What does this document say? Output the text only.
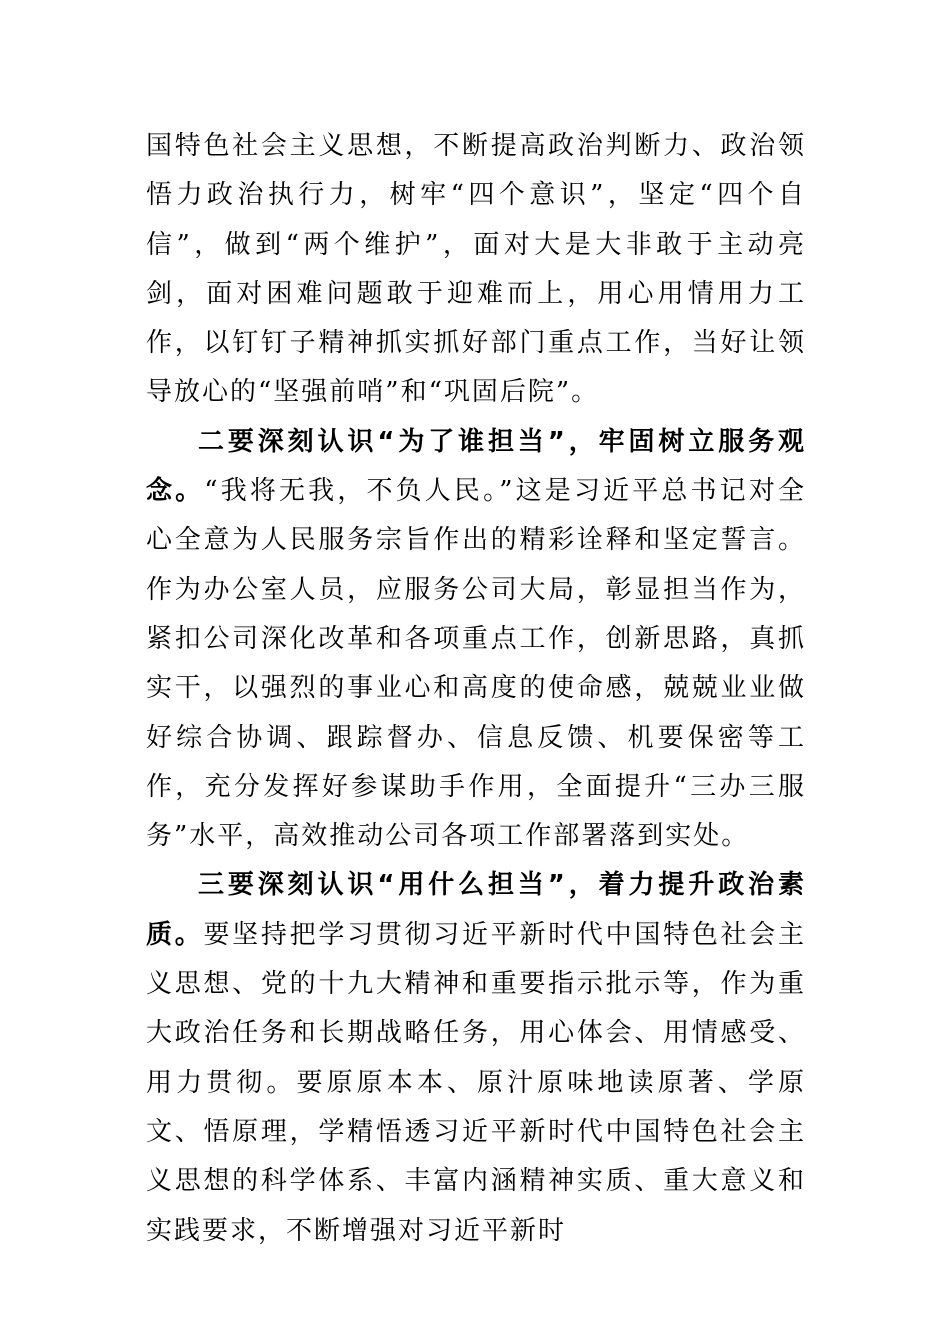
国特色社会主义思想，不断提高政治判断力、政治领悟力政治执行力，树牢“四个意识”，坚定“四个自信”，做到“两个维护”，面对大是大非敢于主动亮剑，面对困难问题敢于迎难而上，用心用情用力工作，以钉钉子精神抓实抓好部门重点工作，当好让领导放心的“坚强前哨”和“巩固后院”。

二要深刻认识“为了谁担当”，牢固树立服务观念。“我将无我，不负人民。”这是习近平总书记对全心全意为人民服务宗旨作出的精彩诠释和坚定誓言。作为办公室人员，应服务公司大局，彰显担当作为，紧扣公司深化改革和各项重点工作，创新思路，真抓实干，以强烈的事业心和高度的使命感，兢兢业业做好综合协调、跟踪督办、信息反馈、机要保密等工作，充分发挥好参谋助手作用，全面提升“三办三服务”水平，高效推动公司各项工作部署落到实处。

三要深刻认识“用什么担当”，着力提升政治素质。要坚持把学习贯彻习近平新时代中国特色社会主义思想、党的十九大精神和重要指示批示等，作为重大政治任务和长期战略任务，用心体会、用情感受、用力贯彻。要原原本本、原汁原味地读原著、学原文、悟原理，学精悟透习近平新时代中国特色社会主义思想的科学体系、丰富内涵精神实质、重大意义和实践要求，不断增强对习近平新时
